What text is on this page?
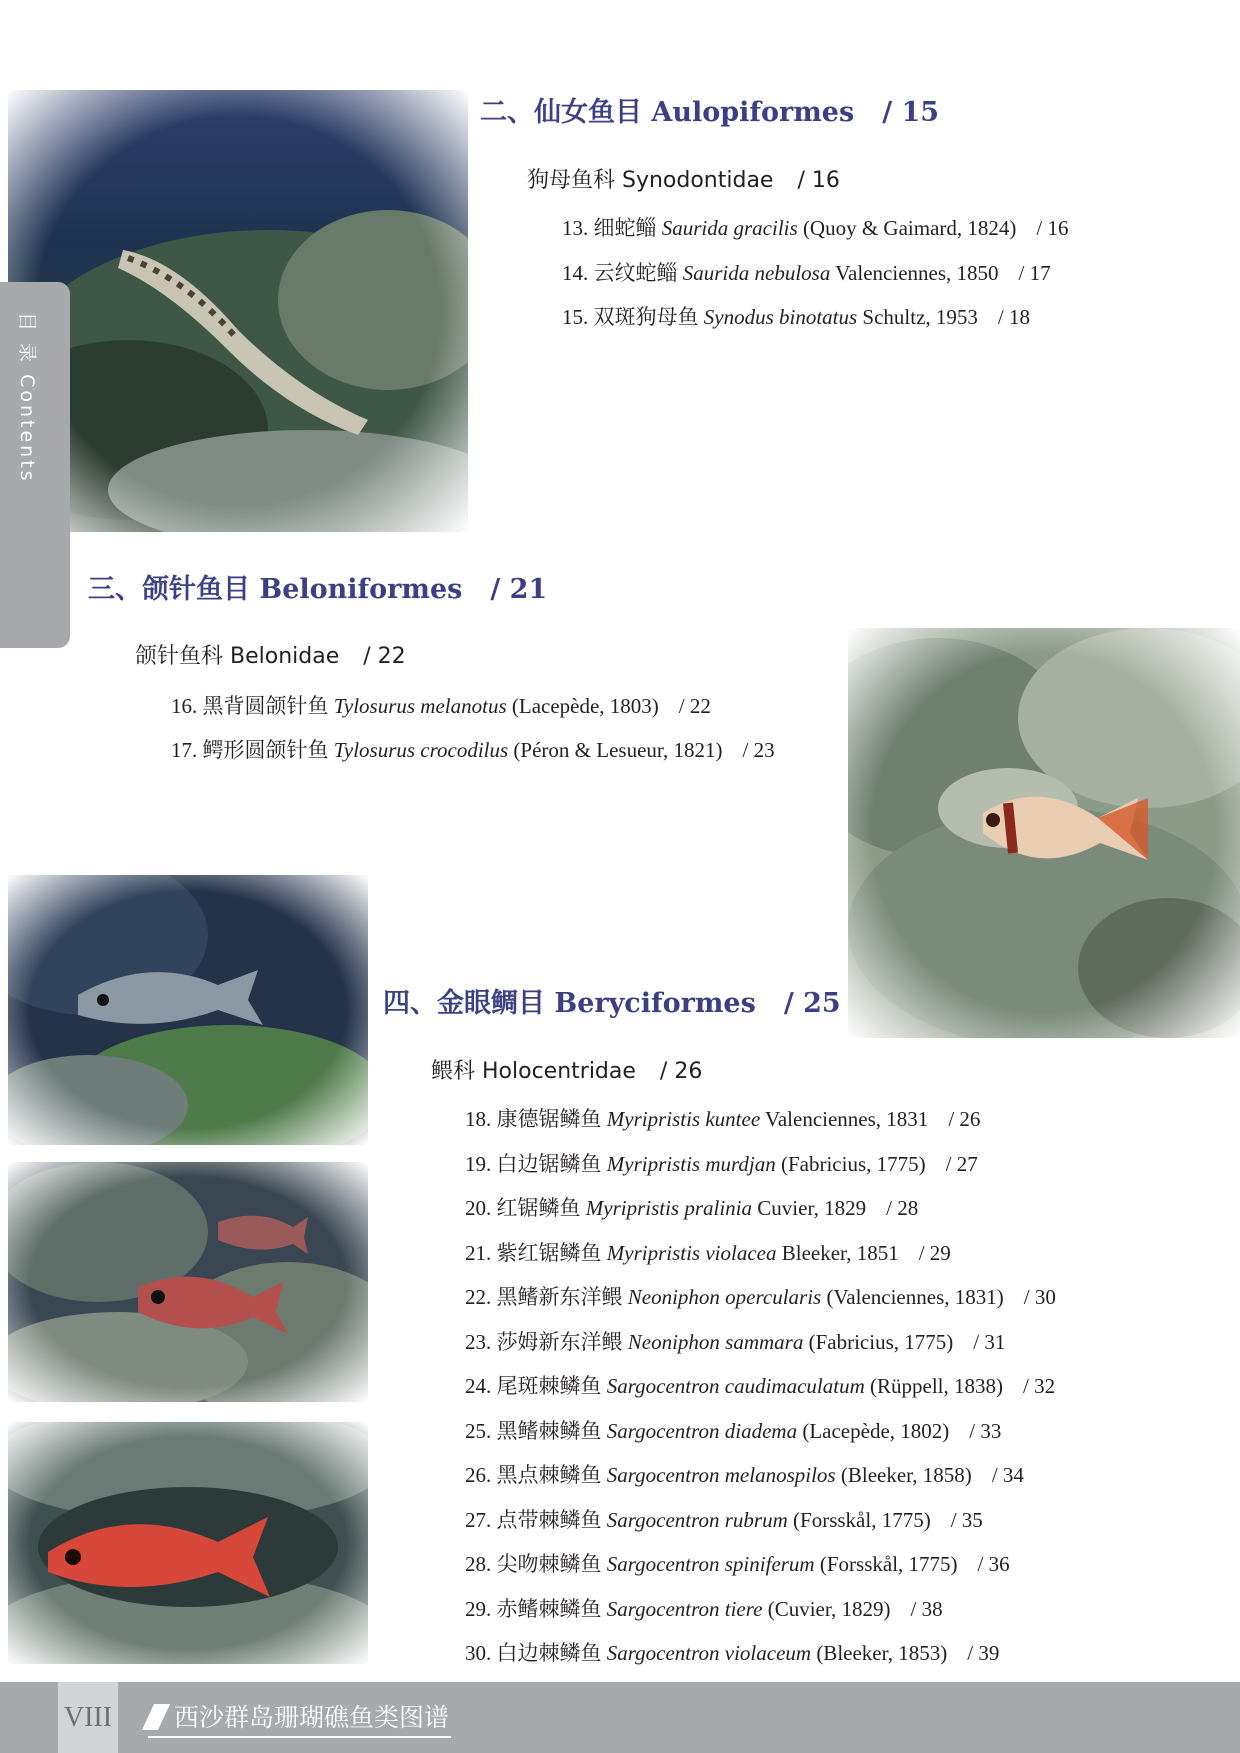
目 录 Contents
二、仙女鱼目 Aulopiformes / 15
狗母鱼科 Synodontidae / 16
13. 细蛇鲻 Saurida gracilis (Quoy & Gaimard, 1824) / 16
14. 云纹蛇鲻 Saurida nebulosa Valenciennes, 1850 / 17
15. 双斑狗母鱼 Synodus binotatus Schultz, 1953 / 18
三、颌针鱼目 Beloniformes / 21
颌针鱼科 Belonidae / 22
16. 黑背圆颌针鱼 Tylosurus melanotus (Lacepède, 1803) / 22
17. 鳄形圆颌针鱼 Tylosurus crocodilus (Péron & Lesueur, 1821) / 23
四、金眼鲷目 Beryciformes / 25
鳂科 Holocentridae / 26
18. 康德锯鳞鱼 Myripristis kuntee Valenciennes, 1831 / 26
19. 白边锯鳞鱼 Myripristis murdjan (Fabricius, 1775) / 27
20. 红锯鳞鱼 Myripristis pralinia Cuvier, 1829 / 28
21. 紫红锯鳞鱼 Myripristis violacea Bleeker, 1851 / 29
22. 黑鳍新东洋鳂 Neoniphon opercularis (Valenciennes, 1831) / 30
23. 莎姆新东洋鳂 Neoniphon sammara (Fabricius, 1775) / 31
24. 尾斑棘鳞鱼 Sargocentron caudimaculatum (Rüppell, 1838) / 32
25. 黑鳍棘鳞鱼 Sargocentron diadema (Lacepède, 1802) / 33
26. 黑点棘鳞鱼 Sargocentron melanospilos (Bleeker, 1858) / 34
27. 点带棘鳞鱼 Sargocentron rubrum (Forsskål, 1775) / 35
28. 尖吻棘鳞鱼 Sargocentron spiniferum (Forsskål, 1775) / 36
29. 赤鳍棘鳞鱼 Sargocentron tiere (Cuvier, 1829) / 38
30. 白边棘鳞鱼 Sargocentron violaceum (Bleeker, 1853) / 39
VIII	西沙群岛珊瑚礁鱼类图谱
